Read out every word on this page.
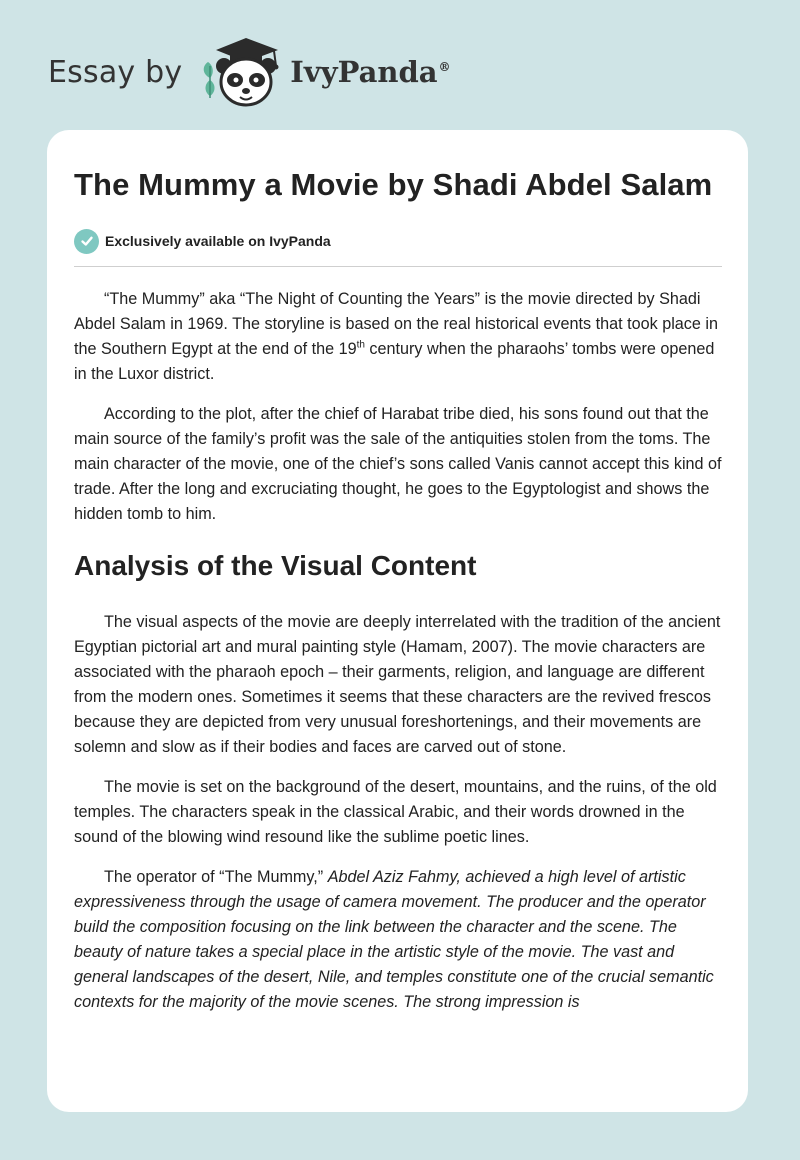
Essay by	IvyPanda®
The Mummy a Movie by Shadi Abdel Salam
Exclusively available on IvyPanda

“The Mummy” aka “The Night of Counting the Years” is the movie directed by Shadi Abdel Salam in 1969. The storyline is based on the real historical events that took place in the Southern Egypt at the end of the 19th century when the pharaohs’ tombs were opened in the Luxor district.

According to the plot, after the chief of Harabat tribe died, his sons found out that the main source of the family’s profit was the sale of the antiquities stolen from the toms. The main character of the movie, one of the chief’s sons called Vanis cannot accept this kind of trade. After the long and excruciating thought, he goes to the Egyptologist and shows the hidden tomb to him.

Analysis of the Visual Content

The visual aspects of the movie are deeply interrelated with the tradition of the ancient Egyptian pictorial art and mural painting style (Hamam, 2007). The movie characters are associated with the pharaoh epoch – their garments, religion, and language are different from the modern ones. Sometimes it seems that these characters are the revived frescos because they are depicted from very unusual foreshortenings, and their movements are solemn and slow as if their bodies and faces are carved out of stone.

The movie is set on the background of the desert, mountains, and the ruins, of the old temples. The characters speak in the classical Arabic, and their words drowned in the sound of the blowing wind resound like the sublime poetic lines.

The operator of “The Mummy,” Abdel Aziz Fahmy, achieved a high level of artistic expressiveness through the usage of camera movement. The producer and the operator build the composition focusing on the link between the character and the scene. The beauty of nature takes a special place in the artistic style of the movie. The vast and general landscapes of the desert, Nile, and temples constitute one of the crucial semantic contexts for the majority of the movie scenes. The strong impression is
